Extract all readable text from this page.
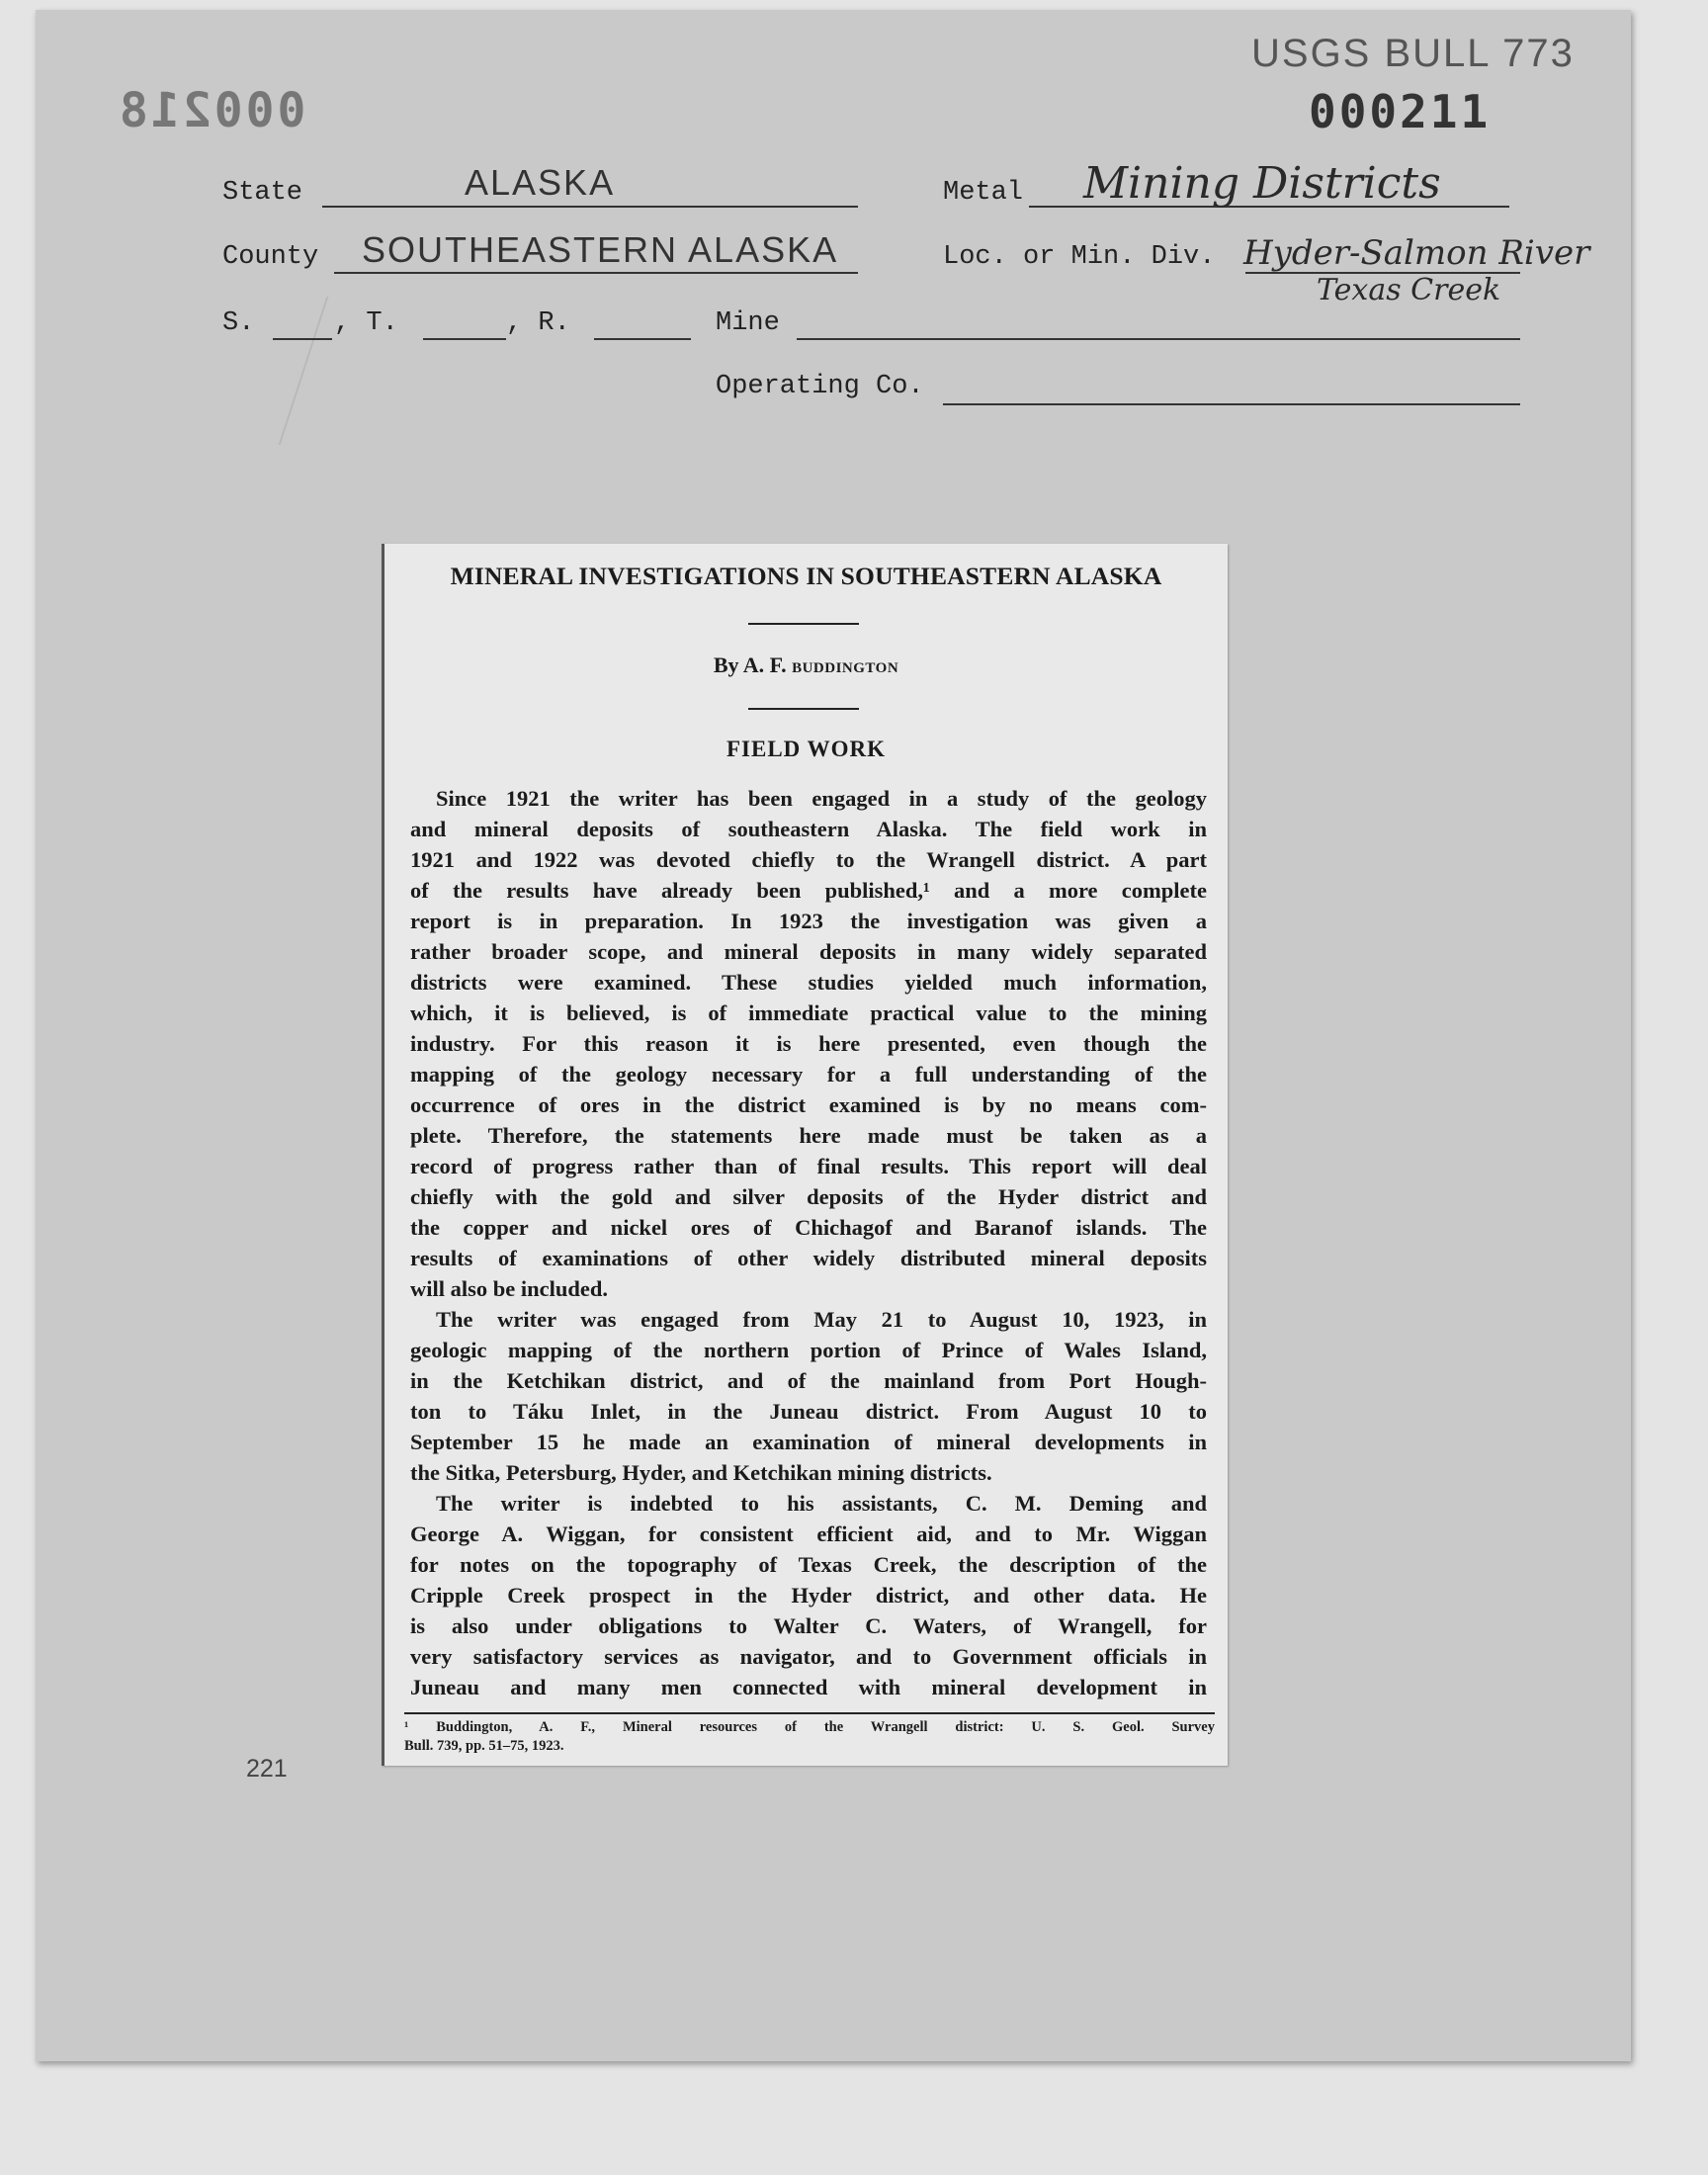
000218
USGS BULL 773
000211
State	ALASKA	Metal Mining Districts
County SOUTHEASTERN ALASKA	Loc. or Min. Div. Hyder-Salmon River
Texas Creek
S.	, T.	, R.	Mine
Operating Co.
221
MINERAL INVESTIGATIONS IN SOUTHEASTERN ALASKA
By A. F. BUDDINGTON
FIELD WORK

Since 1921 the writer has been engaged in a study of the geology

and mineral deposits of southeastern Alaska. The field work in

1921 and 1922 was devoted chiefly to the Wrangell district. A part

of the results have already been published,¹ and a more complete

report is in preparation. In 1923 the investigation was given a

rather broader scope, and mineral deposits in many widely separated

districts were examined. These studies yielded much information,

which, it is believed, is of immediate practical value to the mining

industry. For this reason it is here presented, even though the

mapping of the geology necessary for a full understanding of the

occurrence of ores in the district examined is by no means com-

plete. Therefore, the statements here made must be taken as a

record of progress rather than of final results. This report will deal

chiefly with the gold and silver deposits of the Hyder district and

the copper and nickel ores of Chichagof and Baranof islands. The

results of examinations of other widely distributed mineral deposits

will also be included.

The writer was engaged from May 21 to August 10, 1923, in

geologic mapping of the northern portion of Prince of Wales Island,

in the Ketchikan district, and of the mainland from Port Hough-

ton to Táku Inlet, in the Juneau district. From August 10 to

September 15 he made an examination of mineral developments in

the Sitka, Petersburg, Hyder, and Ketchikan mining districts.

The writer is indebted to his assistants, C. M. Deming and

George A. Wiggan, for consistent efficient aid, and to Mr. Wiggan

for notes on the topography of Texas Creek, the description of the

Cripple Creek prospect in the Hyder district, and other data. He

is also under obligations to Walter C. Waters, of Wrangell, for

very satisfactory services as navigator, and to Government officials in

Juneau and many men connected with mineral development in

¹ Buddington, A. F., Mineral resources of the Wrangell district: U. S. Geol. Survey

Bull. 739, pp. 51–75, 1923.
